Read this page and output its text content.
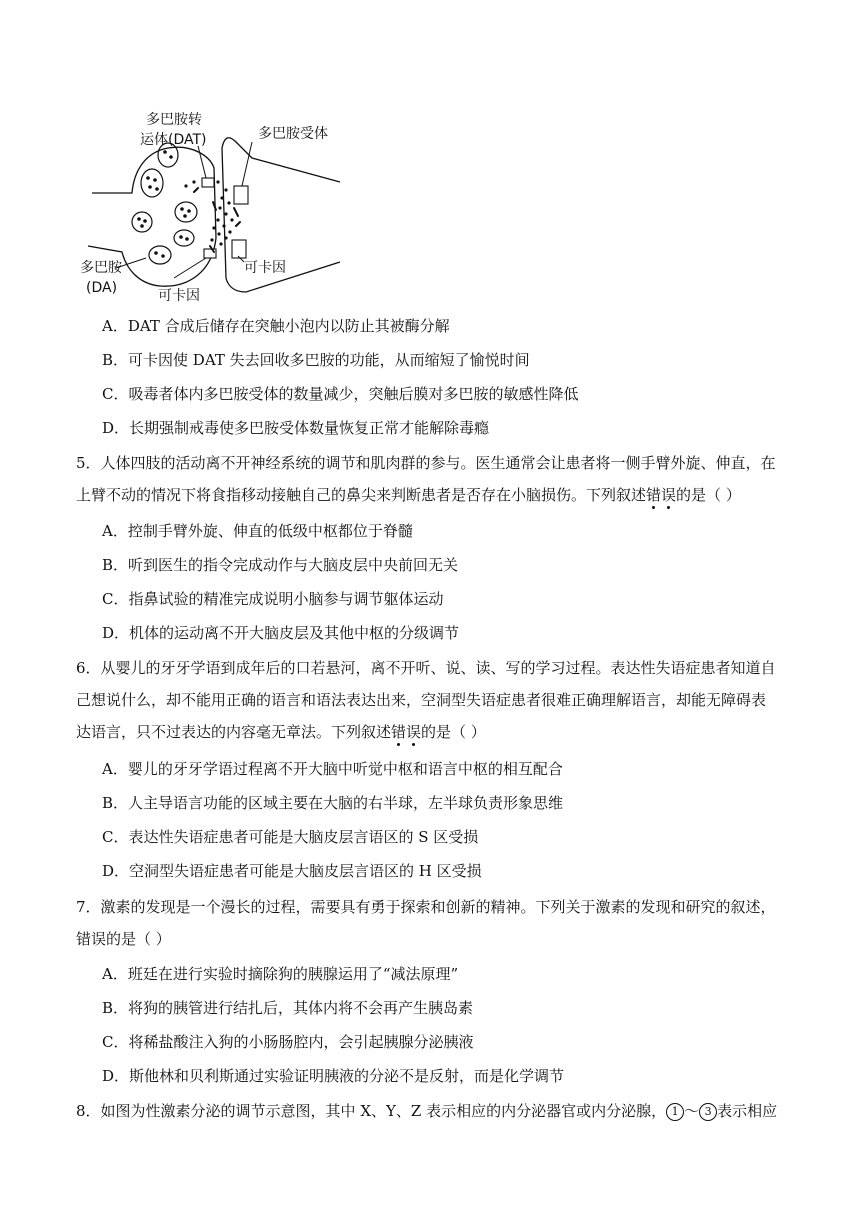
多巴胺转
运体(DAT)	多巴胺受体
多巴胺
(DA)	可卡因
可卡因
A．DAT 合成后储存在突触小泡内以防止其被酶分解
B．可卡因使 DAT 失去回收多巴胺的功能，从而缩短了愉悦时间
C．吸毒者体内多巴胺受体的数量减少，突触后膜对多巴胺的敏感性降低
D．长期强制戒毒使多巴胺受体数量恢复正常才能解除毒瘾
5．人体四肢的活动离不开神经系统的调节和肌肉群的参与。医生通常会让患者将一侧手臂外旋、伸直，在
上臂不动的情况下将食指移动接触自己的鼻尖来判断患者是否存在小脑损伤。下列叙述错误的是（ ）
A．控制手臂外旋、伸直的低级中枢都位于脊髓
B．听到医生的指令完成动作与大脑皮层中央前回无关
C．指鼻试验的精准完成说明小脑参与调节躯体运动
D．机体的运动离不开大脑皮层及其他中枢的分级调节
6．从婴儿的牙牙学语到成年后的口若悬河，离不开听、说、读、写的学习过程。表达性失语症患者知道自
己想说什么，却不能用正确的语言和语法表达出来，空洞型失语症患者很难正确理解语言，却能无障碍表
达语言，只不过表达的内容毫无章法。下列叙述错误的是（ ）
A．婴儿的牙牙学语过程离不开大脑中听觉中枢和语言中枢的相互配合
B．人主导语言功能的区域主要在大脑的右半球，左半球负责形象思维
C．表达性失语症患者可能是大脑皮层言语区的 S 区受损
D．空洞型失语症患者可能是大脑皮层言语区的 H 区受损
7．激素的发现是一个漫长的过程，需要具有勇于探索和创新的精神。下列关于激素的发现和研究的叙述，
错误的是（ ）
A．班廷在进行实验时摘除狗的胰腺运用了“减法原理”
B．将狗的胰管进行结扎后，其体内将不会再产生胰岛素
C．将稀盐酸注入狗的小肠肠腔内，会引起胰腺分泌胰液
D．斯他林和贝利斯通过实验证明胰液的分泌不是反射，而是化学调节
8．如图为性激素分泌的调节示意图，其中 X、Y、Z 表示相应的内分泌器官或内分泌腺， 1 ～ 3 表示相应
